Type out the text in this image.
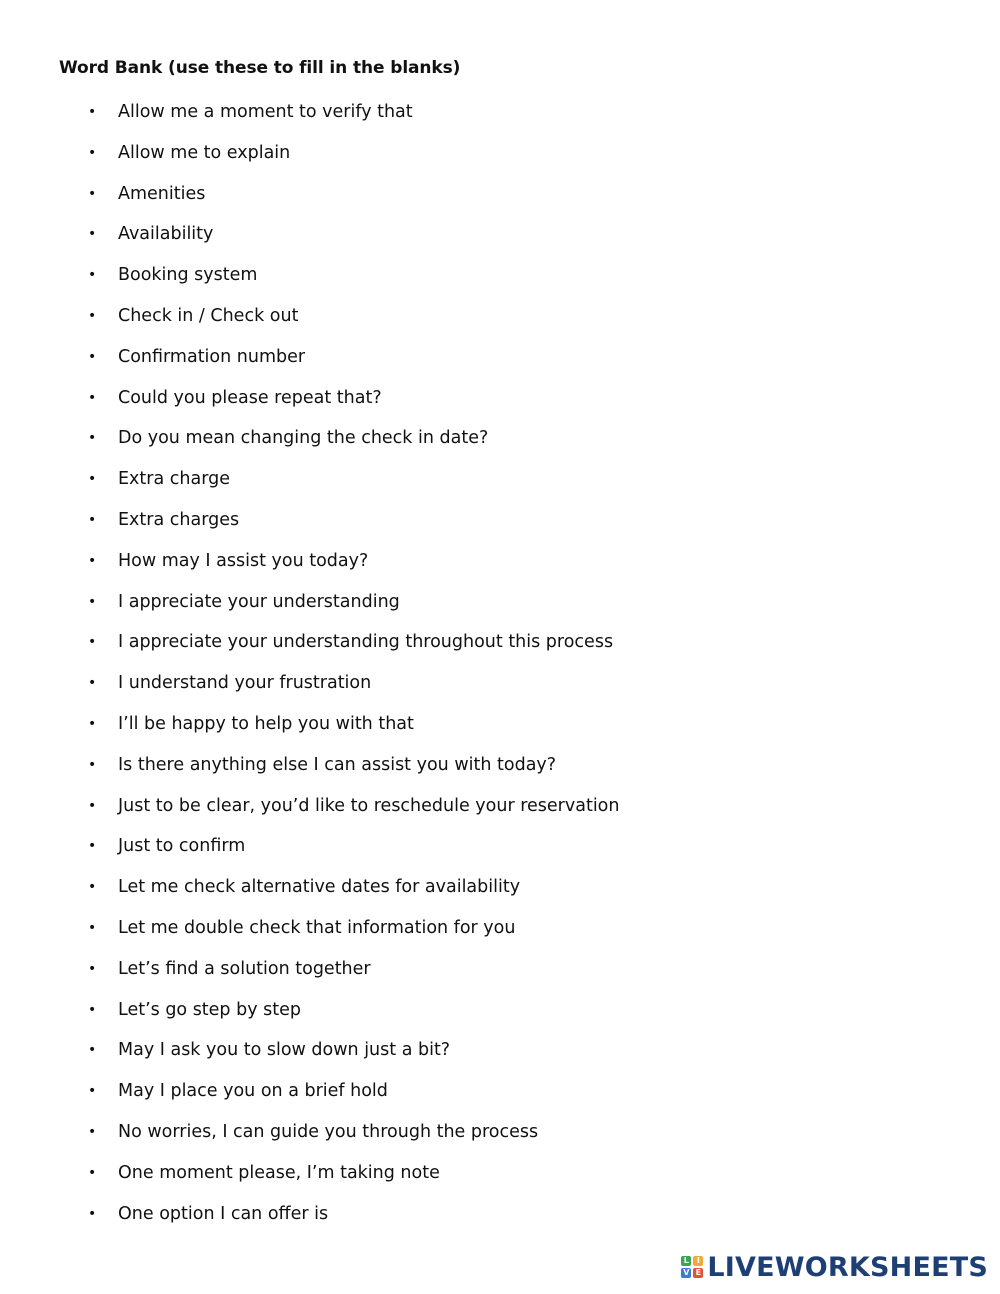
Word Bank (use these to fill in the blanks)
• Allow me a moment to verify that
• Allow me to explain
• Amenities
• Availability
• Booking system
• Check in / Check out
• Confirmation number
• Could you please repeat that?
• Do you mean changing the check in date?
• Extra charge
• Extra charges
• How may I assist you today?
• I appreciate your understanding
• I appreciate your understanding throughout this process
• I understand your frustration
• I’ll be happy to help you with that
• Is there anything else I can assist you with today?
• Just to be clear, you’d like to reschedule your reservation
• Just to confirm
• Let me check alternative dates for availability
• Let me double check that information for you
• Let’s find a solution together
• Let’s go step by step
• May I ask you to slow down just a bit?
• May I place you on a brief hold
• No worries, I can guide you through the process
• One moment please, I’m taking note
• One option I can offer is
L I
V E LIVEWORKSHEETS
